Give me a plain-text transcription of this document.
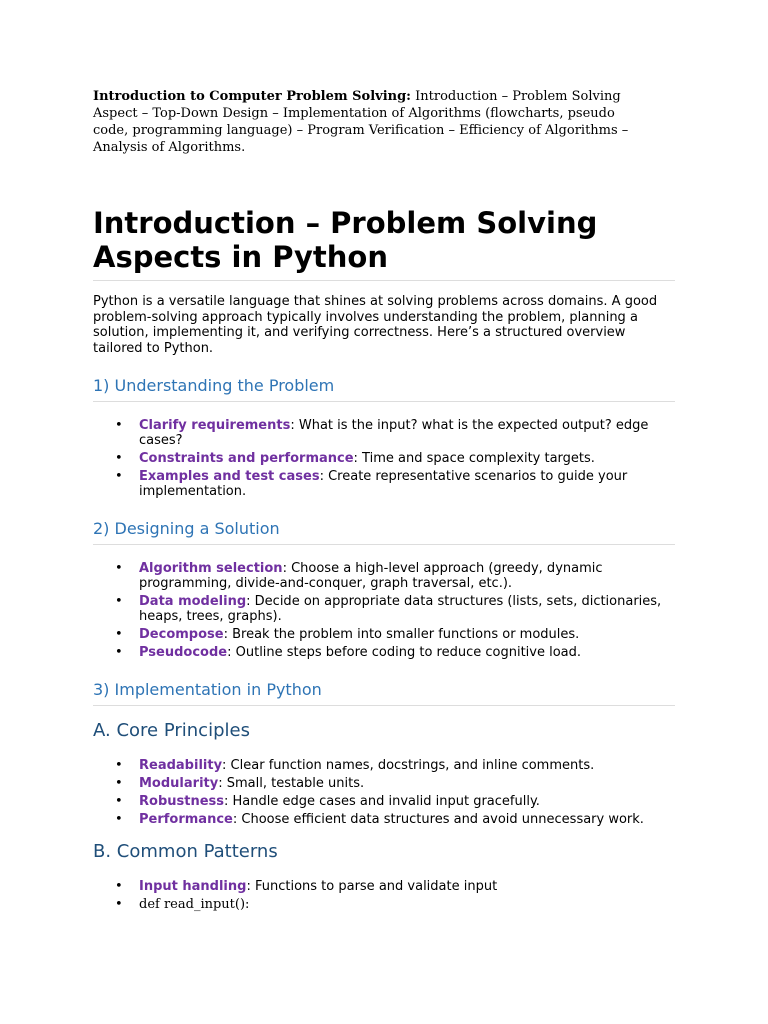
Introduction to Computer Problem Solving: Introduction – Problem Solving Aspect – Top-Down Design – Implementation of Algorithms (flowcharts, pseudo code, programming language) – Program Verification – Efficiency of Algorithms – Analysis of Algorithms.

Introduction – Problem Solving Aspects in Python

Python is a versatile language that shines at solving problems across domains. A good problem-solving approach typically involves understanding the problem, planning a solution, implementing it, and verifying correctness. Here’s a structured overview tailored to Python.

1) Understanding the Problem
• Clarify requirements: What is the input? what is the expected output? edge cases?
• Constraints and performance: Time and space complexity targets.
• Examples and test cases: Create representative scenarios to guide your implementation.
2) Designing a Solution
• Algorithm selection: Choose a high-level approach (greedy, dynamic programming, divide-and-conquer, graph traversal, etc.).
• Data modeling: Decide on appropriate data structures (lists, sets, dictionaries, heaps, trees, graphs).
• Decompose: Break the problem into smaller functions or modules.
• Pseudocode: Outline steps before coding to reduce cognitive load.
3) Implementation in Python
A. Core Principles
• Readability: Clear function names, docstrings, and inline comments.
• Modularity: Small, testable units.
• Robustness: Handle edge cases and invalid input gracefully.
• Performance: Choose efficient data structures and avoid unnecessary work.
B. Common Patterns
• Input handling: Functions to parse and validate input
• def read_input():
